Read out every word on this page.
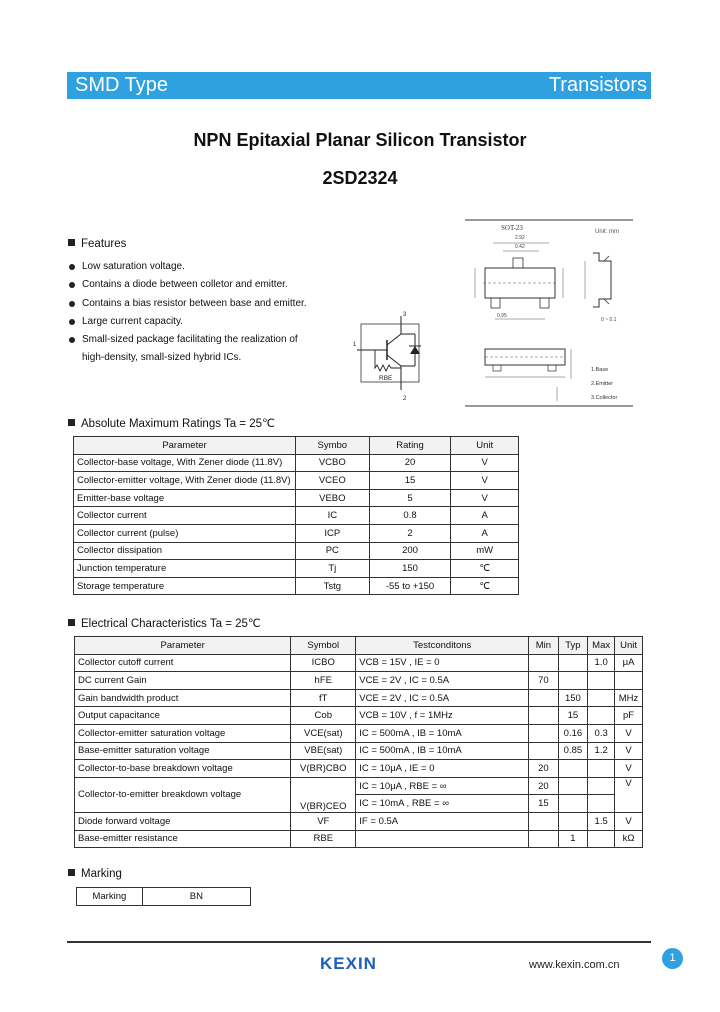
SMD Type	Transistors
NPN Epitaxial Planar Silicon Transistor
2SD2324
Features
Low saturation voltage.
Contains a diode between colletor and emitter.
Contains a bias resistor between base and emitter.
Large current capacity.
Small-sized package facilitating the realization of
high-density, small-sized hybrid ICs.
SOT-23	Unit: mm
2.92
0.42
0.95
0 ~ 0.1
1.Base
2.Emitter
3.Collector
1
3
2
RBE
Absolute Maximum Ratings Ta = 25℃
Parameter	Symbo	Rating	Unit
Collector-base voltage, With Zener diode (11.8V)	VCBO	20	V
Collector-emitter voltage, With Zener diode (11.8V)	VCEO	15	V
Emitter-base voltage	VEBO	5	V
Collector current	IC	0.8	A
Collector current (pulse)	ICP	2	A
Collector dissipation	PC	200	mW
Junction temperature	Tj	150	℃
Storage temperature	Tstg	-55 to +150	℃
Electrical Characteristics Ta = 25℃
Parameter	Symbol	Testconditons	Min	Typ	Max	Unit
Collector cutoff current	ICBO	VCB = 15V , IE = 0			1.0	μA
DC current Gain	hFE	VCE = 2V , IC = 0.5A	70			
Gain bandwidth product	fT	VCE = 2V , IC = 0.5A		150		MHz
Output capacitance	Cob	VCB = 10V , f = 1MHz		15		pF
Collector-emitter saturation voltage	VCE(sat)	IC = 500mA , IB = 10mA		0.16	0.3	V
Base-emitter saturation voltage	VBE(sat)	IC = 500mA , IB = 10mA		0.85	1.2	V
Collector-to-base breakdown voltage	V(BR)CBO	IC = 10μA , IE = 0	20			V
Collector-to-emitter breakdown voltage	V(BR)CEO	IC = 10μA , RBE = ∞	20			V
		IC = 10mA , RBE = ∞	15			
Diode forward voltage	VF	IF = 0.5A			1.5	V
Base-emitter resistance	RBE			1		kΩ
Marking
Marking	BN
KEXIN	www.kexin.com.cn
1
